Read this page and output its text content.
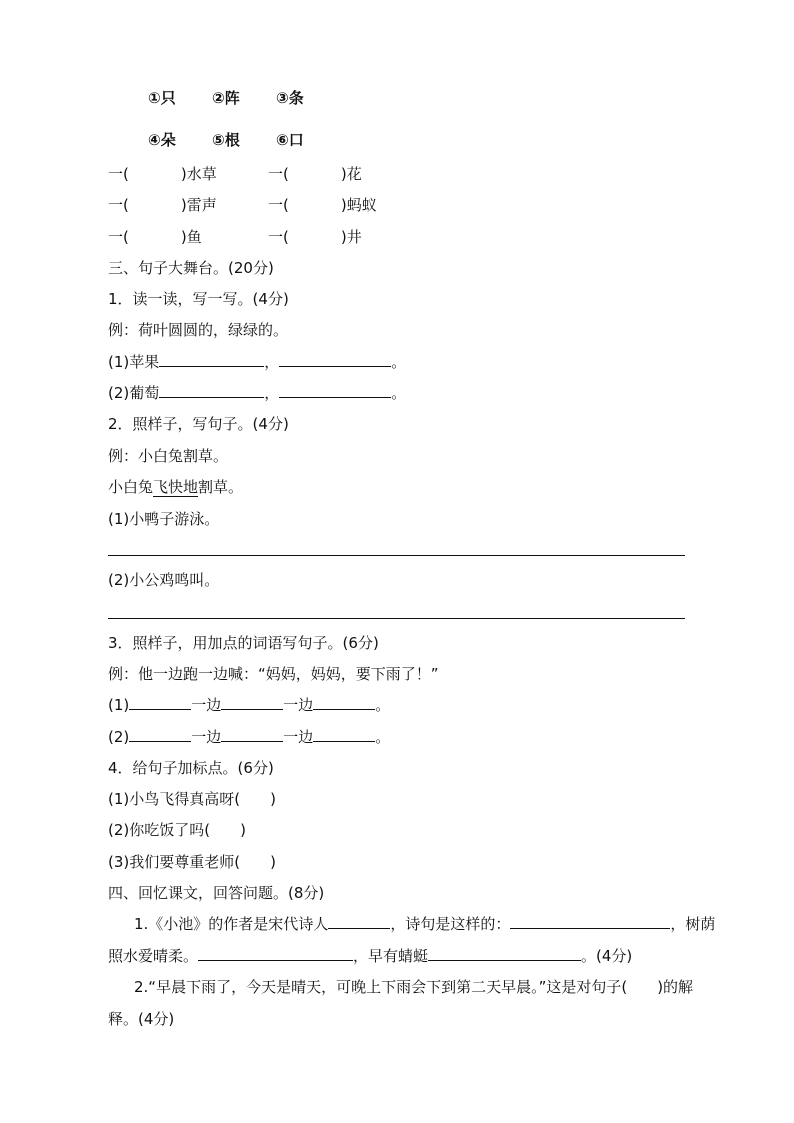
①只 ②阵 ③条
④朵 ⑤根 ⑥口
一(	)水草	一(	)花
一(	)雷声	一(	)蚂蚁
一(	)鱼	一(	)井
三、句子大舞台。(20分)
1．读一读，写一写。(4分)
例：荷叶圆圆的，绿绿的。
(1)苹果	，	。
(2)葡萄	，	。
2．照样子，写句子。(4分)
例：小白兔割草。
小白兔飞快地割草。
(1)小鸭子游泳。
(2)小公鸡鸣叫。
3．照样子，用加点的词语写句子。(6分)
例：他一边跑一边喊：“妈妈，妈妈，要下雨了！”
(1)	一边	一边	。
(2)	一边	一边	。
4．给句子加标点。(6分)
(1)小鸟飞得真高呀(　　)
(2)你吃饭了吗(　　)
(3)我们要尊重老师(　　)
四、回忆课文，回答问题。(8分)
1.《小池》的作者是宋代诗人	，诗句是这样的：	，树荫
照水爱晴柔。	，早有蜻蜓	。(4分)
2.“早晨下雨了，今天是晴天，可晚上下雨会下到第二天早晨。”这是对句子(　　)的解
释。(4分)
